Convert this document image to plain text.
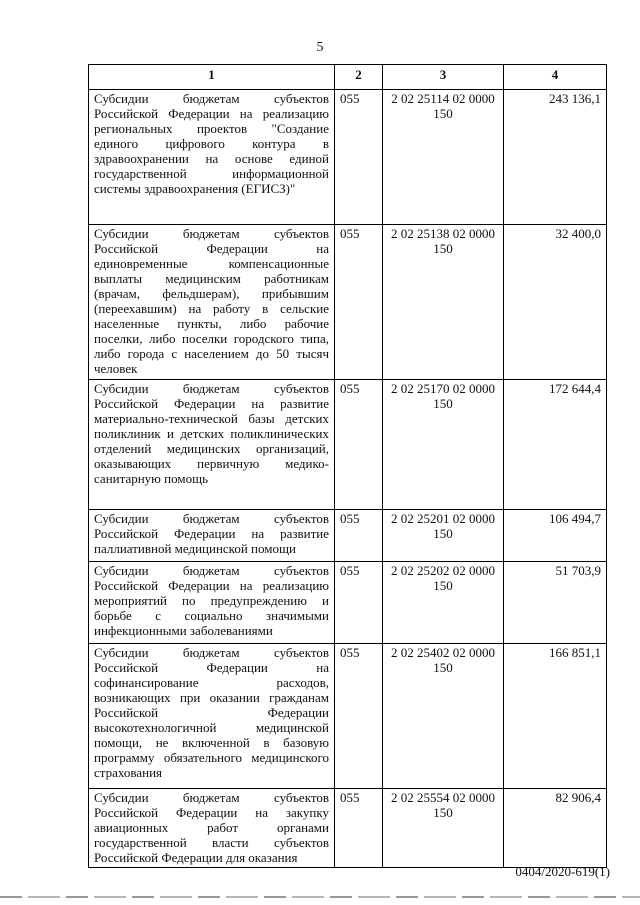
5
1	2	3	4
Субсидии бюджетам субъектов Российской Федерации на реализацию региональных проектов "Создание единого цифрового контура в здравоохранении на основе единой государственной информационной системы здравоохранения (ЕГИСЗ)"	055	2 02 25114 02 0000
150	243 136,1
Субсидии бюджетам субъектов Российской Федерации на единовременные компенсационные выплаты медицинским работникам (врачам, фельдшерам), прибывшим (переехавшим) на работу в сельские населенные пункты, либо рабочие поселки, либо поселки городского типа, либо города с населением до 50 тысяч человек	055	2 02 25138 02 0000
150	32 400,0
Субсидии бюджетам субъектов Российской Федерации на развитие материально-технической базы детских поликлиник и детских поликлинических отделений медицинских организаций, оказывающих первичную медико-санитарную помощь	055	2 02 25170 02 0000
150	172 644,4
Субсидии бюджетам субъектов Российской Федерации на развитие паллиативной медицинской помощи	055	2 02 25201 02 0000
150	106 494,7
Субсидии бюджетам субъектов Российской Федерации на реализацию мероприятий по предупреждению и борьбе с социально значимыми инфекционными заболеваниями	055	2 02 25202 02 0000
150	51 703,9
Субсидии бюджетам субъектов Российской Федерации на софинансирование расходов, возникающих при оказании гражданам Российской Федерации высокотехнологичной медицинской помощи, не включенной в базовую программу обязательного медицинского страхования	055	2 02 25402 02 0000
150	166 851,1
Субсидии бюджетам субъектов Российской Федерации на закупку авиационных работ органами государственной власти субъектов Российской Федерации для оказания	055	2 02 25554 02 0000
150	82 906,4
0404/2020-619(1)
